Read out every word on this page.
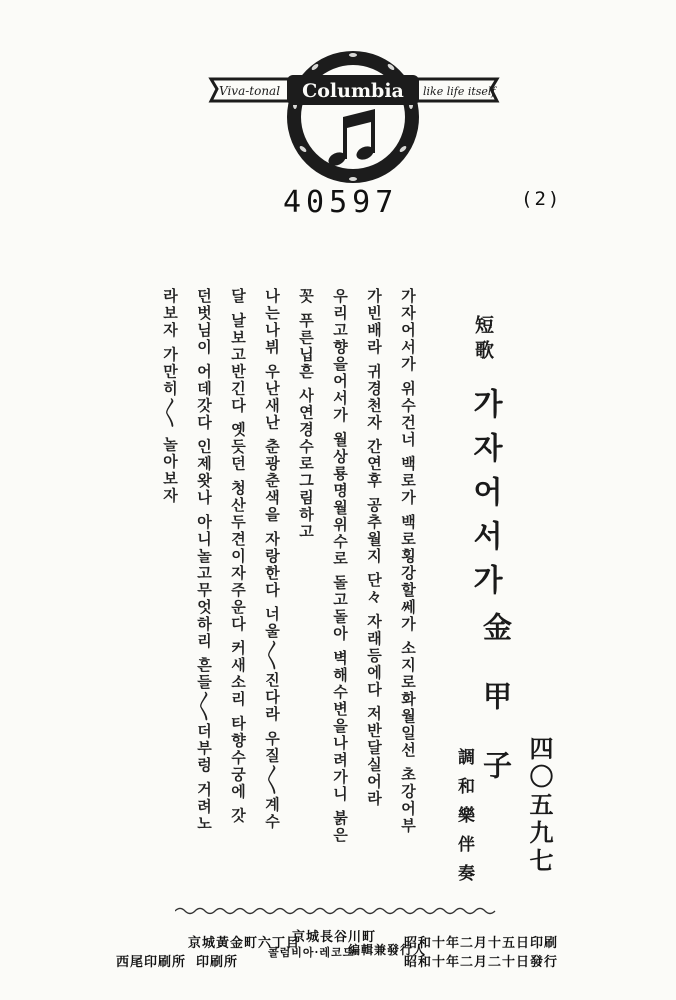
Viva-tonal Columbia like life itself
40597	(2)
短歌
가자어서가
가자어서가 위수건너 백로가 백로횡강할쎄가 소지로화월일선 초강어부
가빈배라 귀경천자 간연후 공추월지 단々 자래등에다 저반달실어라
우리고향을어서가 월상룡명월위수로 돌고돌아 벽해수변을나려가니 붉은
꼿 푸른닙흔 사연경수로그림하고
나는나뷔 우난새난 춘광춘색을 자랑한다 너울〳〵진다라 우질〳〵계수
달 날보고반긴다 옛듯던 청산두견이자주운다 커새소리 타향수궁에 갓
던벗님이 어데갓다 인제왓나 아니놀고무엇하리 흔들〳〵더부렁 거려노
라보자 가만히〳〵 놀아보자
金甲子
調和樂伴奏 四〇五九七
昭和十年二月十五日印刷
昭和十年二月二十日發行
京城長谷川町
編輯兼發行人
콜럼비아·레코드
京城黃金町六丁目
西尾印刷所 印刷所
